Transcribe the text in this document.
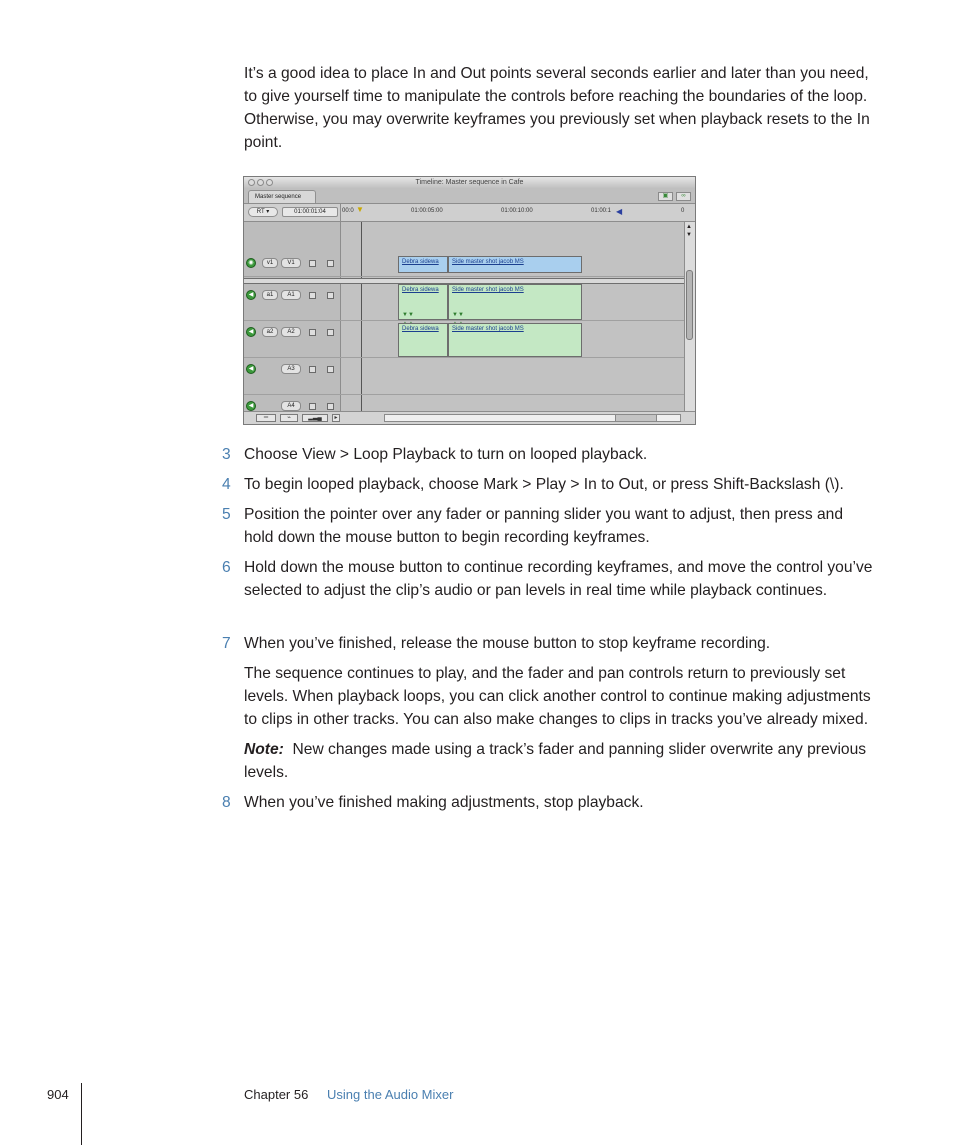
It’s a good idea to place In and Out points several seconds earlier and later than you need, to give yourself time to manipulate the controls before reaching the boundaries of the loop. Otherwise, you may overwrite keyframes you previously set when playback resets to the In point.

Timeline: Master sequence in Cafe
Master sequence	▣	∞
RT ▾	01:00:01:04	00:0	01:00:05:00	01:00:10:00	01:00:1	0
▼	◀
◉	v1	V1	Debra sidewa	Side master shot jacob MS
◀	a1	A1
Debra sidewa	Side master shot jacob MS
▼▼	▼▼
◀	a2	A2	Debra sidewa	Side master shot jacob MS
◀	A3
◀	A4
▲
▼
═	⌁	▂▃▄	▸
3 Choose View > Loop Playback to turn on looped playback.
4 To begin looped playback, choose Mark > Play > In to Out, or press Shift-Backslash (\).
5 Position the pointer over any fader or panning slider you want to adjust, then press and hold down the mouse button to begin recording keyframes.
6 Hold down the mouse button to continue recording keyframes, and move the control you’ve selected to adjust the clip’s audio or pan levels in real time while playback continues.
7 When you’ve finished, release the mouse button to stop keyframe recording.

The sequence continues to play, and the fader and pan controls return to previously set levels. When playback loops, you can click another control to continue making adjustments to clips in other tracks. You can also make changes to clips in tracks you’ve already mixed.

Note: New changes made using a track’s fader and panning slider overwrite any previous levels.

8 When you’ve finished making adjustments, stop playback.
904	Chapter 56 Using the Audio Mixer
